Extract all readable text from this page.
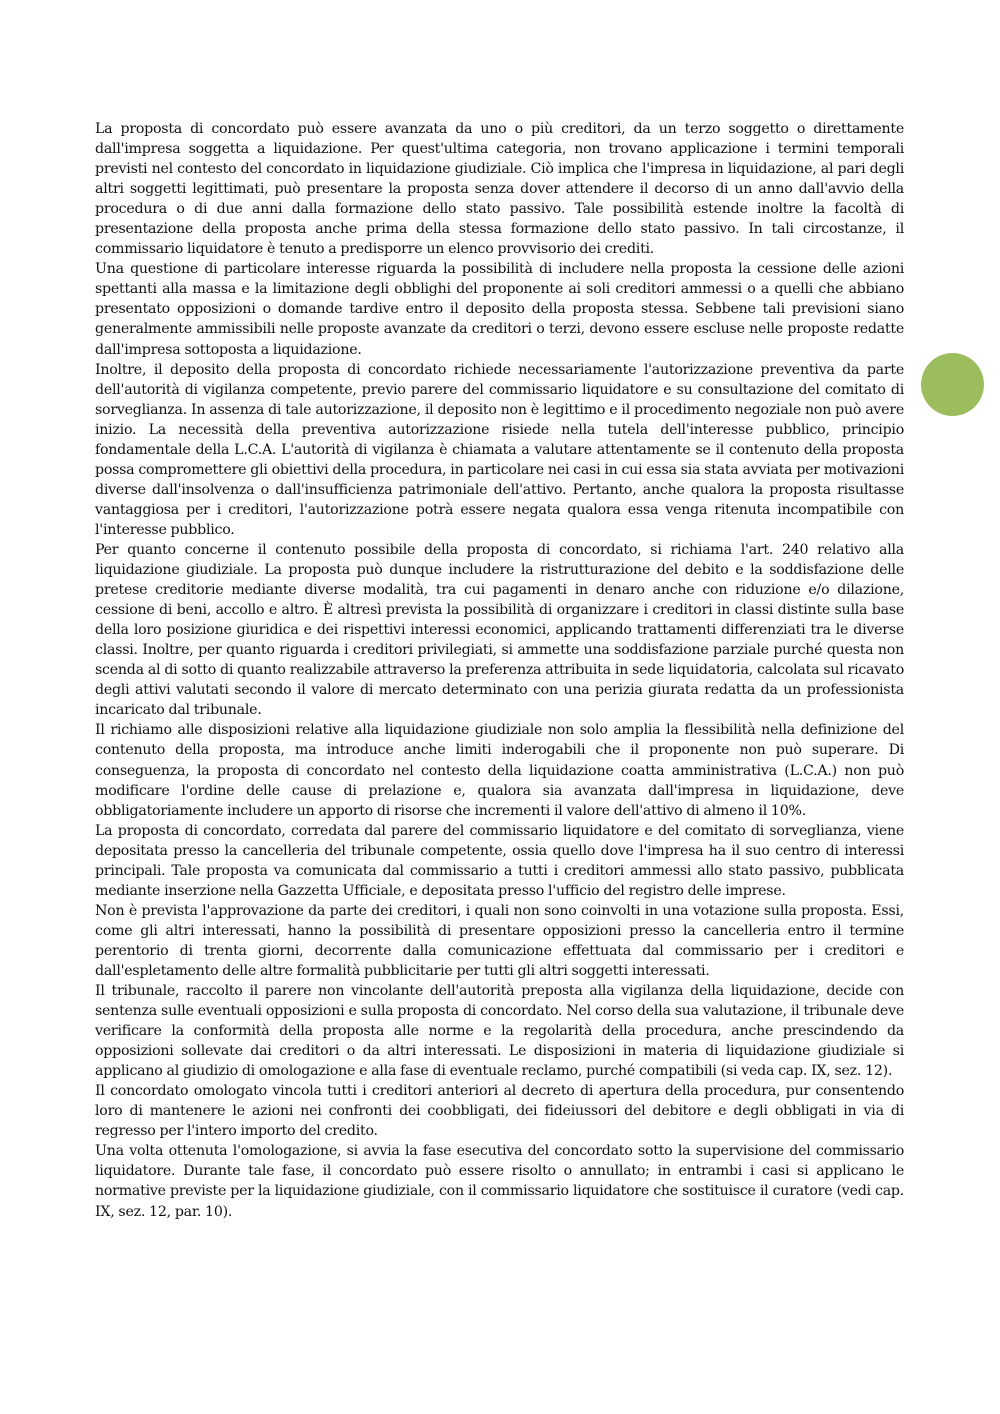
La proposta di concordato può essere avanzata da uno o più creditori, da un terzo soggetto o direttamente dall'impresa soggetta a liquidazione. Per quest'ultima categoria, non trovano applicazione i termini temporali previsti nel contesto del concordato in liquidazione giudiziale. Ciò implica che l'impresa in liquidazione, al pari degli altri soggetti legittimati, può presentare la proposta senza dover attendere il decorso di un anno dall'avvio della procedura o di due anni dalla formazione dello stato passivo. Tale possibilità estende inoltre la facoltà di presentazione della proposta anche prima della stessa formazione dello stato passivo. In tali circostanze, il commissario liquidatore è tenuto a predisporre un elenco provvisorio dei crediti.

Una questione di particolare interesse riguarda la possibilità di includere nella proposta la cessione delle azioni spettanti alla massa e la limitazione degli obblighi del proponente ai soli creditori ammessi o a quelli che abbiano presentato opposizioni o domande tardive entro il deposito della proposta stessa. Sebbene tali previsioni siano generalmente ammissibili nelle proposte avanzate da creditori o terzi, devono essere escluse nelle proposte redatte dall'impresa sottoposta a liquidazione.

Inoltre, il deposito della proposta di concordato richiede necessariamente l'autorizzazione preventiva da parte dell'autorità di vigilanza competente, previo parere del commissario liquidatore e su consultazione del comitato di sorveglianza. In assenza di tale autorizzazione, il deposito non è legittimo e il procedimento negoziale non può avere inizio. La necessità della preventiva autorizzazione risiede nella tutela dell'interesse pubblico, principio fondamentale della L.C.A. L'autorità di vigilanza è chiamata a valutare attentamente se il contenuto della proposta possa compromettere gli obiettivi della procedura, in particolare nei casi in cui essa sia stata avviata per motivazioni diverse dall'insolvenza o dall'insufficienza patrimoniale dell'attivo. Pertanto, anche qualora la proposta risultasse vantaggiosa per i creditori, l'autorizzazione potrà essere negata qualora essa venga ritenuta incompatibile con l'interesse pubblico.

Per quanto concerne il contenuto possibile della proposta di concordato, si richiama l'art. 240 relativo alla liquidazione giudiziale. La proposta può dunque includere la ristrutturazione del debito e la soddisfazione delle pretese creditorie mediante diverse modalità, tra cui pagamenti in denaro anche con riduzione e/o dilazione, cessione di beni, accollo e altro. È altresì prevista la possibilità di organizzare i creditori in classi distinte sulla base della loro posizione giuridica e dei rispettivi interessi economici, applicando trattamenti differenziati tra le diverse classi. Inoltre, per quanto riguarda i creditori privilegiati, si ammette una soddisfazione parziale purché questa non scenda al di sotto di quanto realizzabile attraverso la preferenza attribuita in sede liquidatoria, calcolata sul ricavato degli attivi valutati secondo il valore di mercato determinato con una perizia giurata redatta da un professionista incaricato dal tribunale.

Il richiamo alle disposizioni relative alla liquidazione giudiziale non solo amplia la flessibilità nella definizione del contenuto della proposta, ma introduce anche limiti inderogabili che il proponente non può superare. Di conseguenza, la proposta di concordato nel contesto della liquidazione coatta amministrativa (L.C.A.) non può modificare l'ordine delle cause di prelazione e, qualora sia avanzata dall'impresa in liquidazione, deve obbligatoriamente includere un apporto di risorse che incrementi il valore dell'attivo di almeno il 10%.

La proposta di concordato, corredata dal parere del commissario liquidatore e del comitato di sorveglianza, viene depositata presso la cancelleria del tribunale competente, ossia quello dove l'impresa ha il suo centro di interessi principali. Tale proposta va comunicata dal commissario a tutti i creditori ammessi allo stato passivo, pubblicata mediante inserzione nella Gazzetta Ufficiale, e depositata presso l'ufficio del registro delle imprese.

Non è prevista l'approvazione da parte dei creditori, i quali non sono coinvolti in una votazione sulla proposta. Essi, come gli altri interessati, hanno la possibilità di presentare opposizioni presso la cancelleria entro il termine perentorio di trenta giorni, decorrente dalla comunicazione effettuata dal commissario per i creditori e dall'espletamento delle altre formalità pubblicitarie per tutti gli altri soggetti interessati.

Il tribunale, raccolto il parere non vincolante dell'autorità preposta alla vigilanza della liquidazione, decide con sentenza sulle eventuali opposizioni e sulla proposta di concordato. Nel corso della sua valutazione, il tribunale deve verificare la conformità della proposta alle norme e la regolarità della procedura, anche prescindendo da opposizioni sollevate dai creditori o da altri interessati. Le disposizioni in materia di liquidazione giudiziale si applicano al giudizio di omologazione e alla fase di eventuale reclamo, purché compatibili (si veda cap. IX, sez. 12).

Il concordato omologato vincola tutti i creditori anteriori al decreto di apertura della procedura, pur consentendo loro di mantenere le azioni nei confronti dei coobbligati, dei fideiussori del debitore e degli obbligati in via di regresso per l'intero importo del credito.

Una volta ottenuta l'omologazione, si avvia la fase esecutiva del concordato sotto la supervisione del commissario liquidatore. Durante tale fase, il concordato può essere risolto o annullato; in entrambi i casi si applicano le normative previste per la liquidazione giudiziale, con il commissario liquidatore che sostituisce il curatore (vedi cap. IX, sez. 12, par. 10).
